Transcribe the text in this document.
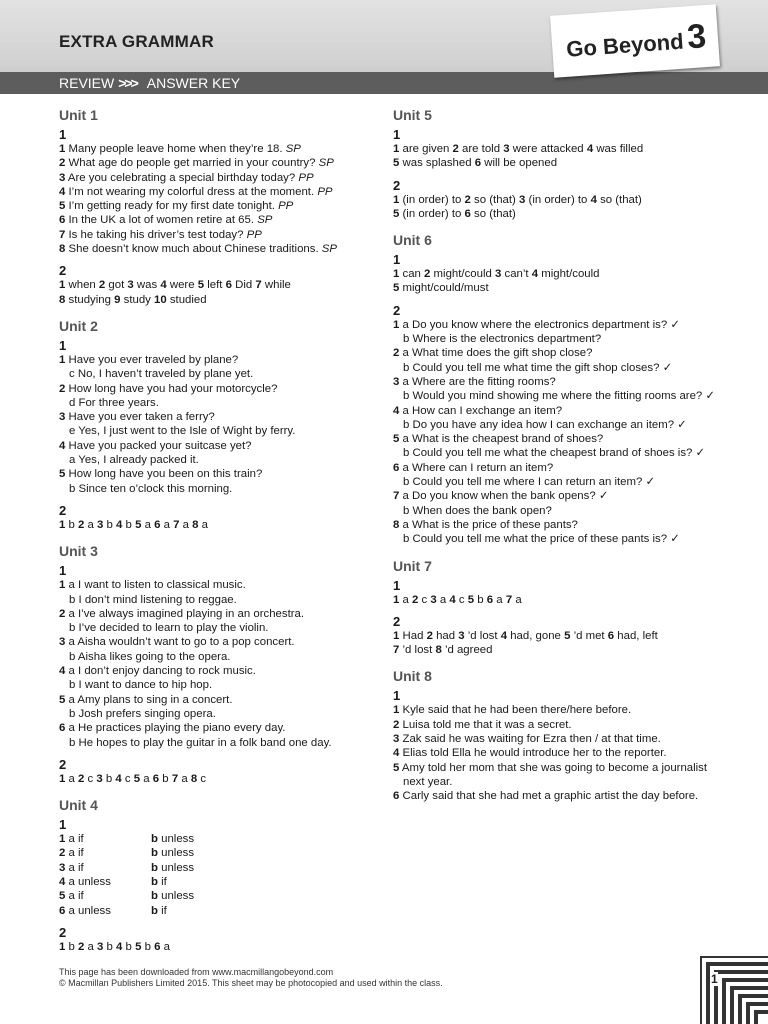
EXTRA GRAMMAR
REVIEW >>> ANSWER KEY
Go Beyond3
Unit 1
1
1 Many people leave home when they’re 18. SP
2 What age do people get married in your country? SP
3 Are you celebrating a special birthday today? PP
4 I’m not wearing my colorful dress at the moment. PP
5 I’m getting ready for my first date tonight. PP
6 In the UK a lot of women retire at 65. SP
7 Is he taking his driver’s test today? PP
8 She doesn’t know much about Chinese traditions. SP
2
1 when 2 got 3 was 4 were 5 left 6 Did 7 while
8 studying 9 study 10 studied
Unit 2
1
1 Have you ever traveled by plane?
c No, I haven’t traveled by plane yet.
2 How long have you had your motorcycle?
d For three years.
3 Have you ever taken a ferry?
e Yes, I just went to the Isle of Wight by ferry.
4 Have you packed your suitcase yet?
a Yes, I already packed it.
5 How long have you been on this train?
b Since ten o’clock this morning.
2
1 b 2 a 3 b 4 b 5 a 6 a 7 a 8 a
Unit 3
1
1 a I want to listen to classical music.
b I don’t mind listening to reggae.
2 a I’ve always imagined playing in an orchestra.
b I’ve decided to learn to play the violin.
3 a Aisha wouldn’t want to go to a pop concert.
b Aisha likes going to the opera.
4 a I don’t enjoy dancing to rock music.
b I want to dance to hip hop.
5 a Amy plans to sing in a concert.
b Josh prefers singing opera.
6 a He practices playing the piano every day.
b He hopes to play the guitar in a folk band one day.
2
1 a 2 c 3 b 4 c 5 a 6 b 7 a 8 c
Unit 4
1
1 a if	b unless
2 a if	b unless
3 a if	b unless
4 a unless	b if
5 a if	b unless
6 a unless	b if
2
1 b 2 a 3 b 4 b 5 b 6 a
Unit 5
1
1 are given 2 are told 3 were attacked 4 was filled
5 was splashed 6 will be opened
2
1 (in order) to 2 so (that) 3 (in order) to 4 so (that)
5 (in order) to 6 so (that)
Unit 6
1
1 can 2 might/could 3 can’t 4 might/could
5 might/could/must
2
1 a Do you know where the electronics department is? ✓
b Where is the electronics department?
2 a What time does the gift shop close?
b Could you tell me what time the gift shop closes? ✓
3 a Where are the fitting rooms?
b Would you mind showing me where the fitting rooms are? ✓
4 a How can I exchange an item?
b Do you have any idea how I can exchange an item? ✓
5 a What is the cheapest brand of shoes?
b Could you tell me what the cheapest brand of shoes is? ✓
6 a Where can I return an item?
b Could you tell me where I can return an item? ✓
7 a Do you know when the bank opens? ✓
b When does the bank open?
8 a What is the price of these pants?
b Could you tell me what the price of these pants is? ✓
Unit 7
1
1 a 2 c 3 a 4 c 5 b 6 a 7 a
2
1 Had 2 had 3 ’d lost 4 had, gone 5 ’d met 6 had, left
7 ’d lost 8 ’d agreed
Unit 8
1
1 Kyle said that he had been there/here before.
2 Luisa told me that it was a secret.
3 Zak said he was waiting for Ezra then / at that time.
4 Elias told Ella he would introduce her to the reporter.
5 Amy told her mom that she was going to become a journalist next year.
6 Carly said that she had met a graphic artist the day before.
This page has been downloaded from www.macmillangobeyond.com
© Macmillan Publishers Limited 2015. This sheet may be photocopied and used within the class.	1
